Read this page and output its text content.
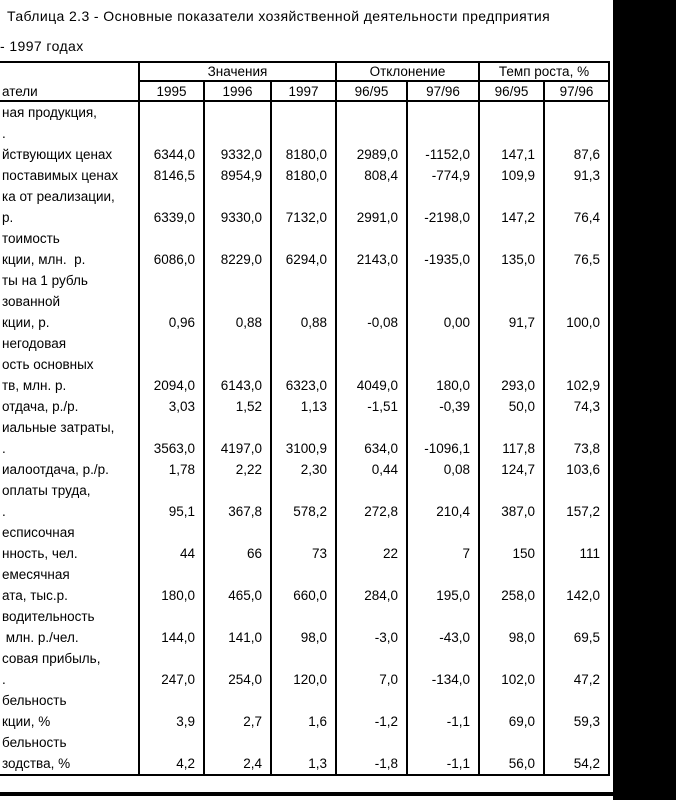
Таблица 2.3 - Основные показатели хозяйственной деятельности предприятия
- 1997 годах
атели
Значения	Отклонение	Темп роста, %
1995	1996	1997	96/95	97/96	96/95	97/96
ная продукция,
.
йствующих ценах	6344,0	9332,0	8180,0	2989,0	-1152,0	147,1	87,6
поставимых ценах	8146,5	8954,9	8180,0	808,4	-774,9	109,9	91,3
ка от реализации,
р.	6339,0	9330,0	7132,0	2991,0	-2198,0	147,2	76,4
тоимость
кции, млн.  р.	6086,0	8229,0	6294,0	2143,0	-1935,0	135,0	76,5
ты на 1 рубль
зованной
кции, р.	0,96	0,88	0,88	-0,08	0,00	91,7	100,0
негодовая
ость основных
тв, млн. р.	2094,0	6143,0	6323,0	4049,0	180,0	293,0	102,9
отдача, р./р.	3,03	1,52	1,13	-1,51	-0,39	50,0	74,3
иальные затраты,
.	3563,0	4197,0	3100,9	634,0	-1096,1	117,8	73,8
иалоотдача, р./р.	1,78	2,22	2,30	0,44	0,08	124,7	103,6
оплаты труда,
.	95,1	367,8	578,2	272,8	210,4	387,0	157,2
есписочная
нность, чел.	44	66	73	22	7	150	111
емесячная
ата, тыс.р.	180,0	465,0	660,0	284,0	195,0	258,0	142,0
водительность
млн. р./чел.	144,0	141,0	98,0	-3,0	-43,0	98,0	69,5
совая прибыль,
.	247,0	254,0	120,0	7,0	-134,0	102,0	47,2
бельность
кции, %	3,9	2,7	1,6	-1,2	-1,1	69,0	59,3
бельность
зодства, %	4,2	2,4	1,3	-1,8	-1,1	56,0	54,2
